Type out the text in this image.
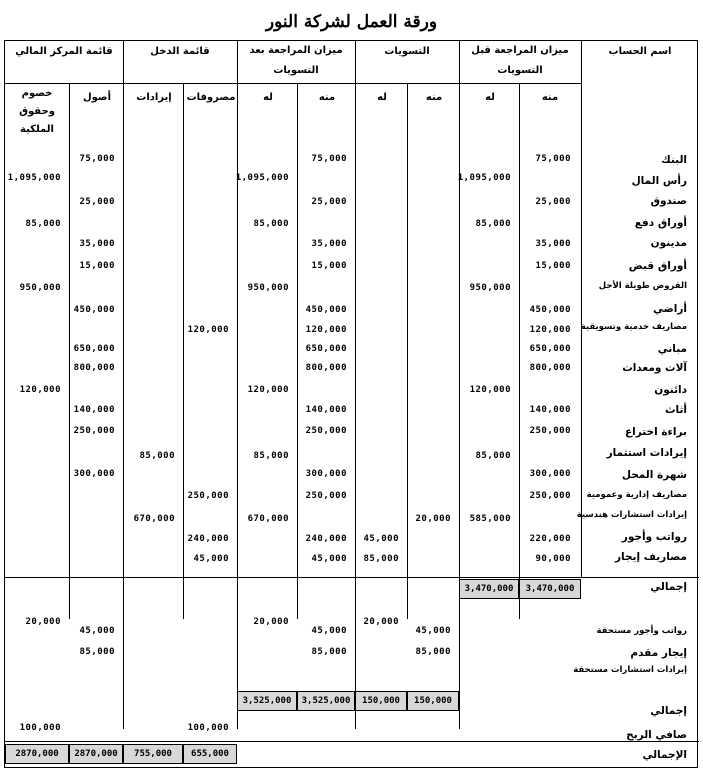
ورقة العمل لشركة النور
اسم الحساب
ميزان المراجعة قبل التسويات
التسويات
ميزان المراجعة بعد التسويات
قائمة الدخل
قائمة المركز المالي
منه
له
منه
له
منه
له
مصروفات
إيرادات
أصول
خصوم وحقوق الملكية
البنك
75,000
75,000
75,000
رأس المال
1,095,000
1,095,000
1,095,000
صندوق
25,000
25,000
25,000
أوراق دفع
85,000
85,000
85,000
مدينون
35,000
35,000
35,000
أوراق قبض
15,000
15,000
15,000
القروض طويلة الأجل
950,000
950,000
950,000
أراضي
450,000
450,000
450,000
مصاريف خدمية وتسويقية
120,000
120,000
120,000
مباني
650,000
650,000
650,000
آلات ومعدات
800,000
800,000
800,000
دائنون
120,000
120,000
120,000
أثاث
140,000
140,000
140,000
براءة اختراع
250,000
250,000
250,000
إيرادات استثمار
85,000
85,000
85,000
شهرة المحل
300,000
300,000
300,000
مصاريف إدارية وعمومية
250,000
250,000
250,000
إيرادات استشارات هندسية
585,000
670,000
670,000	20,000
رواتب وأجور
220,000
240,000
240,000
مصاريف إيجار
90,000
45,000
45,000	85,000
45,000
إجمالي
3,470,000
3,470,000
رواتب وأجور مستحقة
45,000
45,000
45,000
إيجار مقدم
85,000
85,000
85,000
إيرادات استشارات مستحقة
20,000
20,000
20,000
إجمالي
150,000
150,000
3,525,000
3,525,000
صافي الربح
100,000
100,000
الإجمالي
655,000
755,000
2870,000
2870,000
